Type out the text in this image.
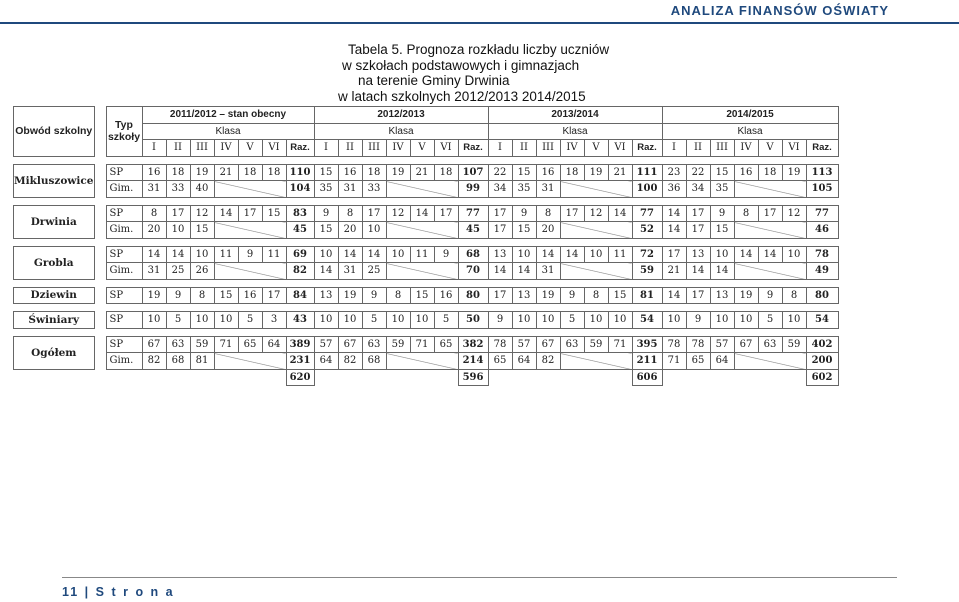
ANALIZA FINANSÓW OŚWIATY
Tabela 5. Prognoza rozkładu liczby uczniów
w szkołach podstawowych i gimnazjach
na terenie Gminy Drwinia
w latach szkolnych 2012/2013 2014/2015
Obwód szkolny		Typ szkoły	2011/2012 – stan obecny							2012/2013							2013/2014							2014/2015						
			Klasa							Klasa							Klasa							Klasa						
			I	II	III	IV	V	VI	Raz.	I	II	III	IV	V	VI	Raz.	I	II	III	IV	V	VI	Raz.	I	II	III	IV	V	VI	Raz.

Mikluszowice		SP	16	18	19	21	18	18	110	15	16	18	19	21	18	107	22	15	16	18	19	21	111	23	22	15	16	18	19	113
		Gim.	31	33	40				104	35	31	33				99	34	35	31				100	36	34	35				105

Drwinia		SP	8	17	12	14	17	15	83	9	8	17	12	14	17	77	17	9	8	17	12	14	77	14	17	9	8	17	12	77
		Gim.	20	10	15				45	15	20	10				45	17	15	20				52	14	17	15				46

Grobla		SP	14	14	10	11	9	11	69	10	14	14	10	11	9	68	13	10	14	14	10	11	72	17	13	10	14	14	10	78
		Gim.	31	25	26				82	14	31	25				70	14	14	31				59	21	14	14				49

Dziewin		SP	19	9	8	15	16	17	84	13	19	9	8	15	16	80	17	13	19	9	8	15	81	14	17	13	19	9	8	80

Świniary		SP	10	5	10	10	5	3	43	10	10	5	10	10	5	50	9	10	10	5	10	10	54	10	9	10	10	5	10	54

Ogółem		SP	67	63	59	71	65	64	389	57	67	63	59	71	65	382	78	57	67	63	59	71	395	78	78	57	67	63	59	402
		Gim.	82	68	81				231	64	82	68				214	65	64	82				211	71	65	64				200
									620							596							606							602
11 | S t r o n a
